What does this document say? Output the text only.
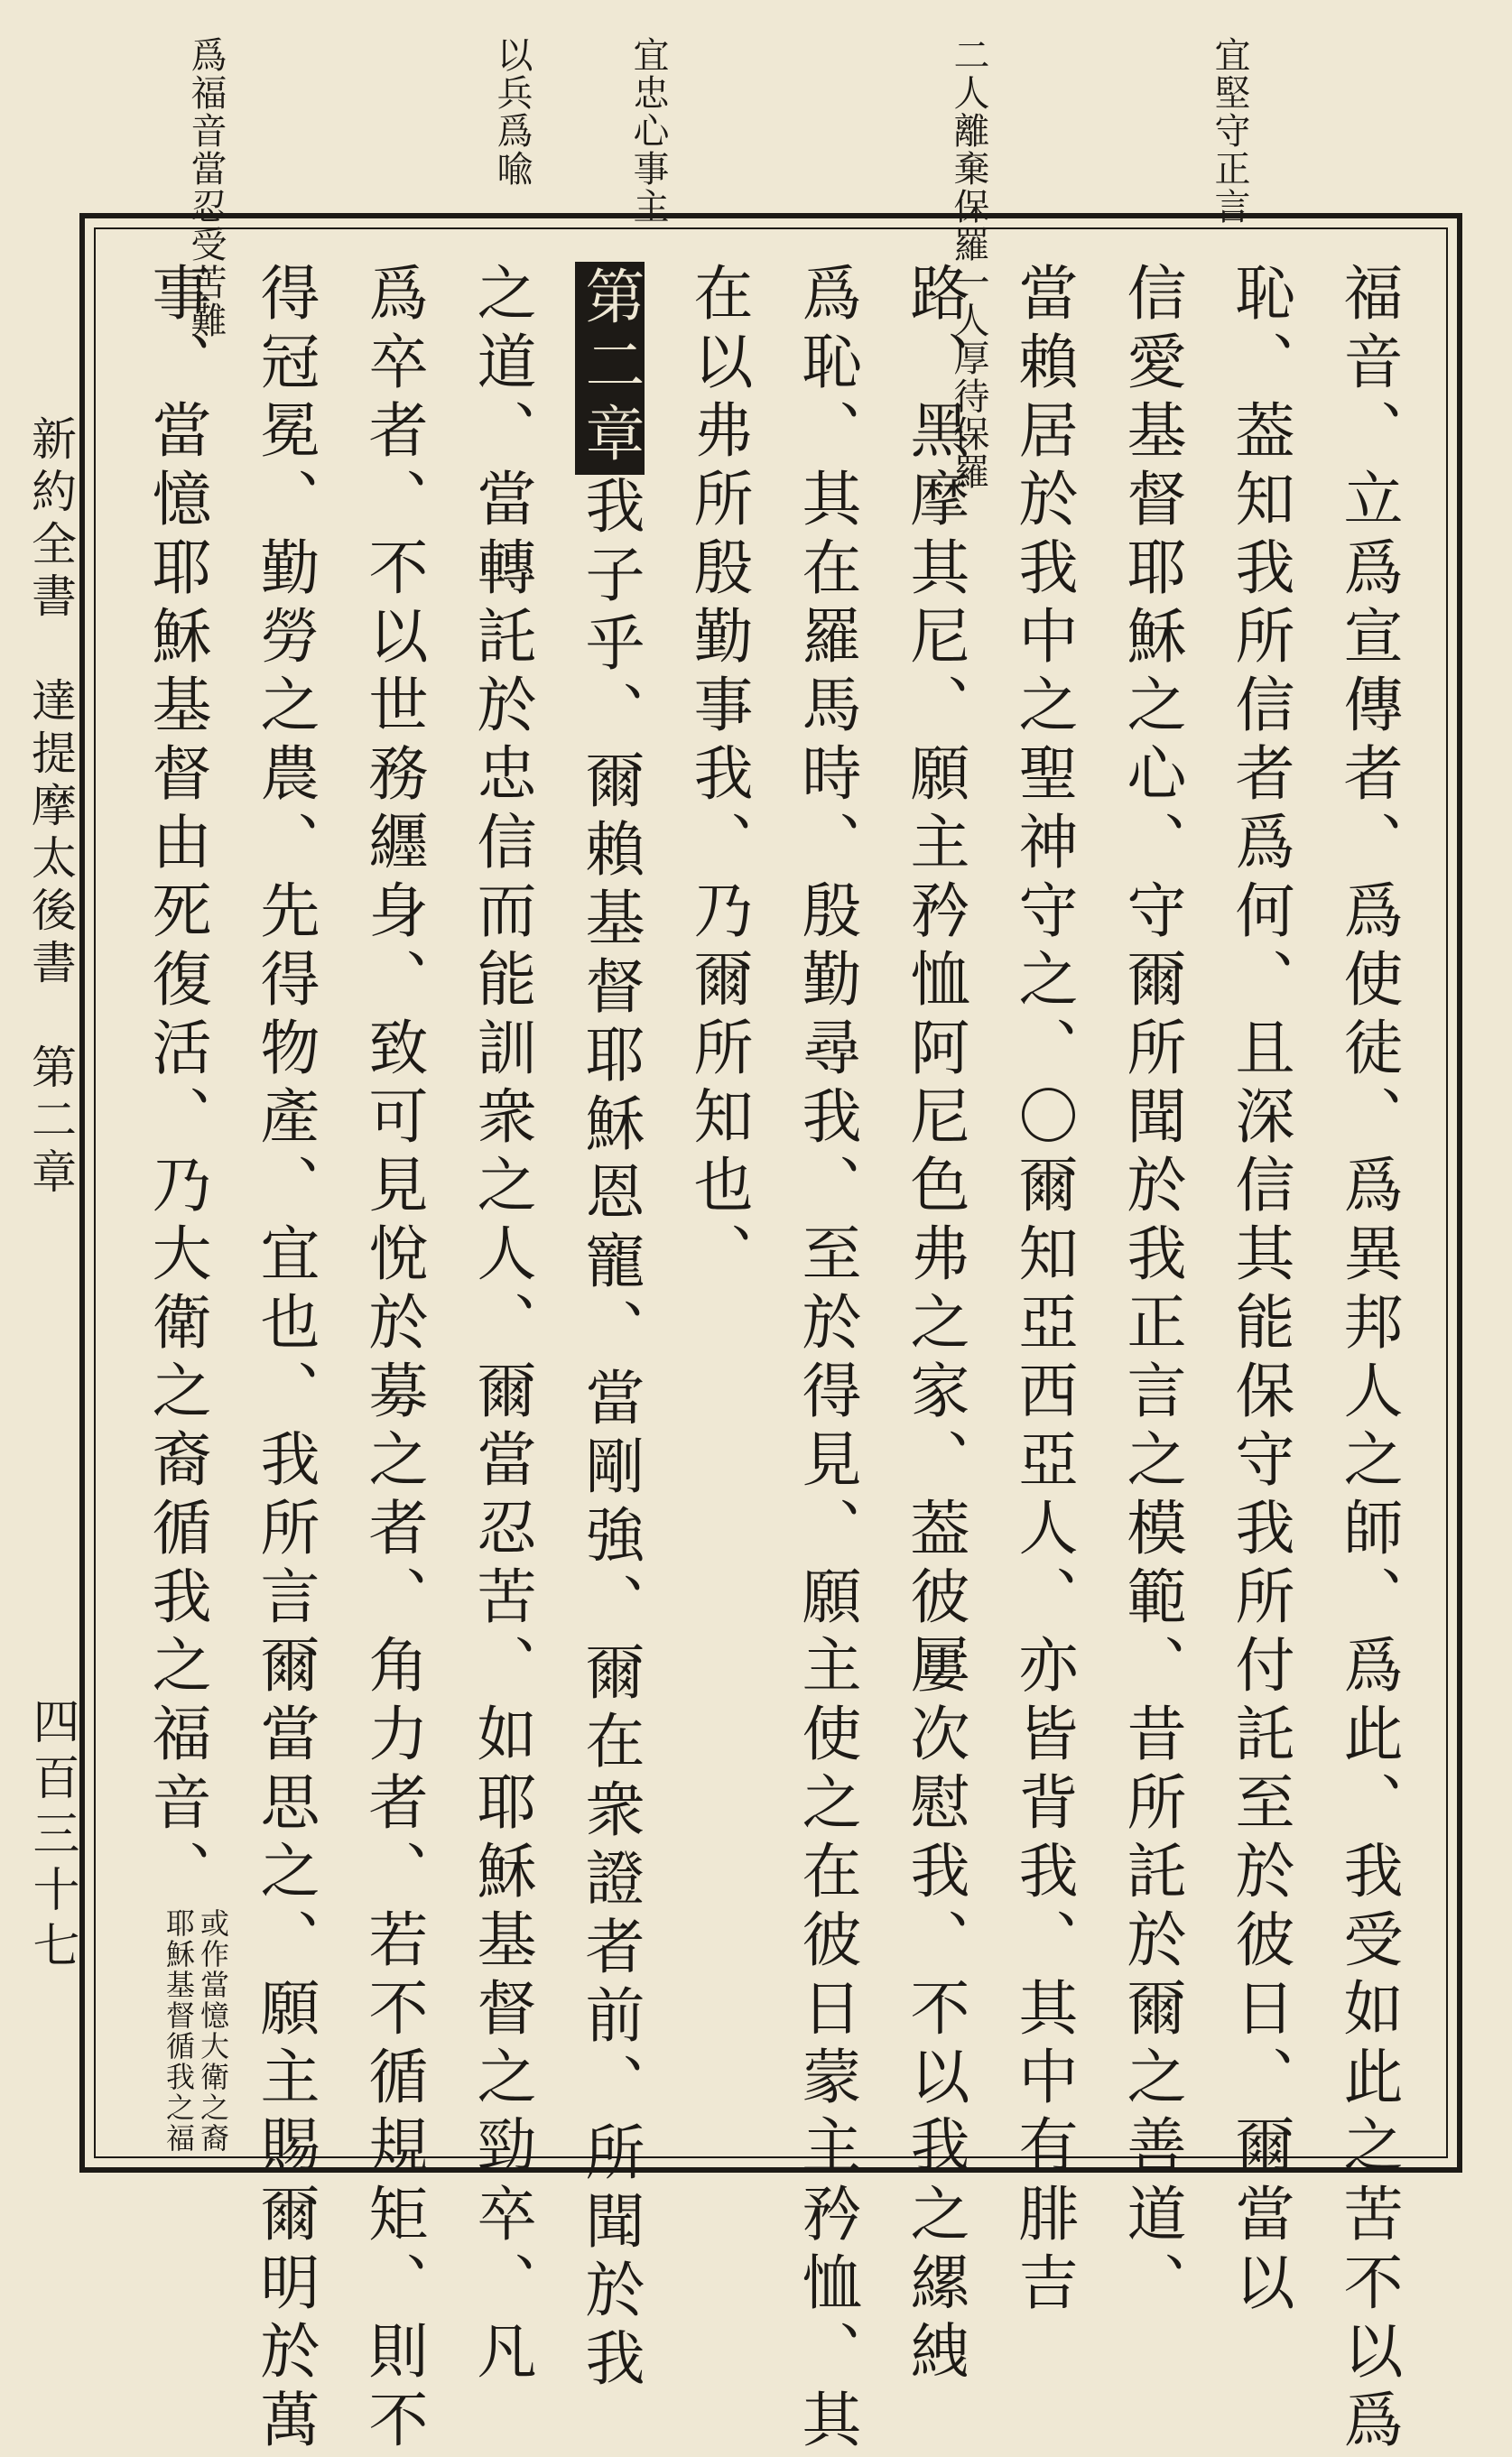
宜堅守正言
二人離棄保羅一人厚待保羅
宜忠心事主
以兵爲喩
爲福音當忍受苦難
福音、立爲宣傳者、爲使徒、爲異邦人之師、爲此、我受如此之苦不以爲
恥、葢知我所信者爲何、且深信其能保守我所付託至於彼日、爾當以
信愛基督耶穌之心、守爾所聞於我正言之模範、昔所託於爾之善道、
當賴居於我中之聖神守之、〇爾知亞西亞人、亦皆背我、其中有腓吉
路、黑摩其尼、願主矜恤阿尼色弗之家、葢彼屢次慰我、不以我之縲絏
爲恥、其在羅馬時、殷勤尋我、至於得見、願主使之在彼日蒙主矜恤、其
在以弗所殷勤事我、乃爾所知也、
第二章我子乎、爾賴基督耶穌恩寵、當剛強、爾在衆證者前、所聞於我
之道、當轉託於忠信而能訓衆之人、爾當忍苦、如耶穌基督之勁卒、凡
爲卒者、不以世務纒身、致可見悅於募之者、角力者、若不循規矩、則不
得冠冕、勤勞之農、先得物產、宜也、我所言爾當思之、願主賜爾明於萬
事、當憶耶穌基督由死復活、乃大衛之裔循我之福音、或作當憶大衛之裔
耶穌基督循我之福
新約全書　達提摩太後書　第二章
四百三十七
